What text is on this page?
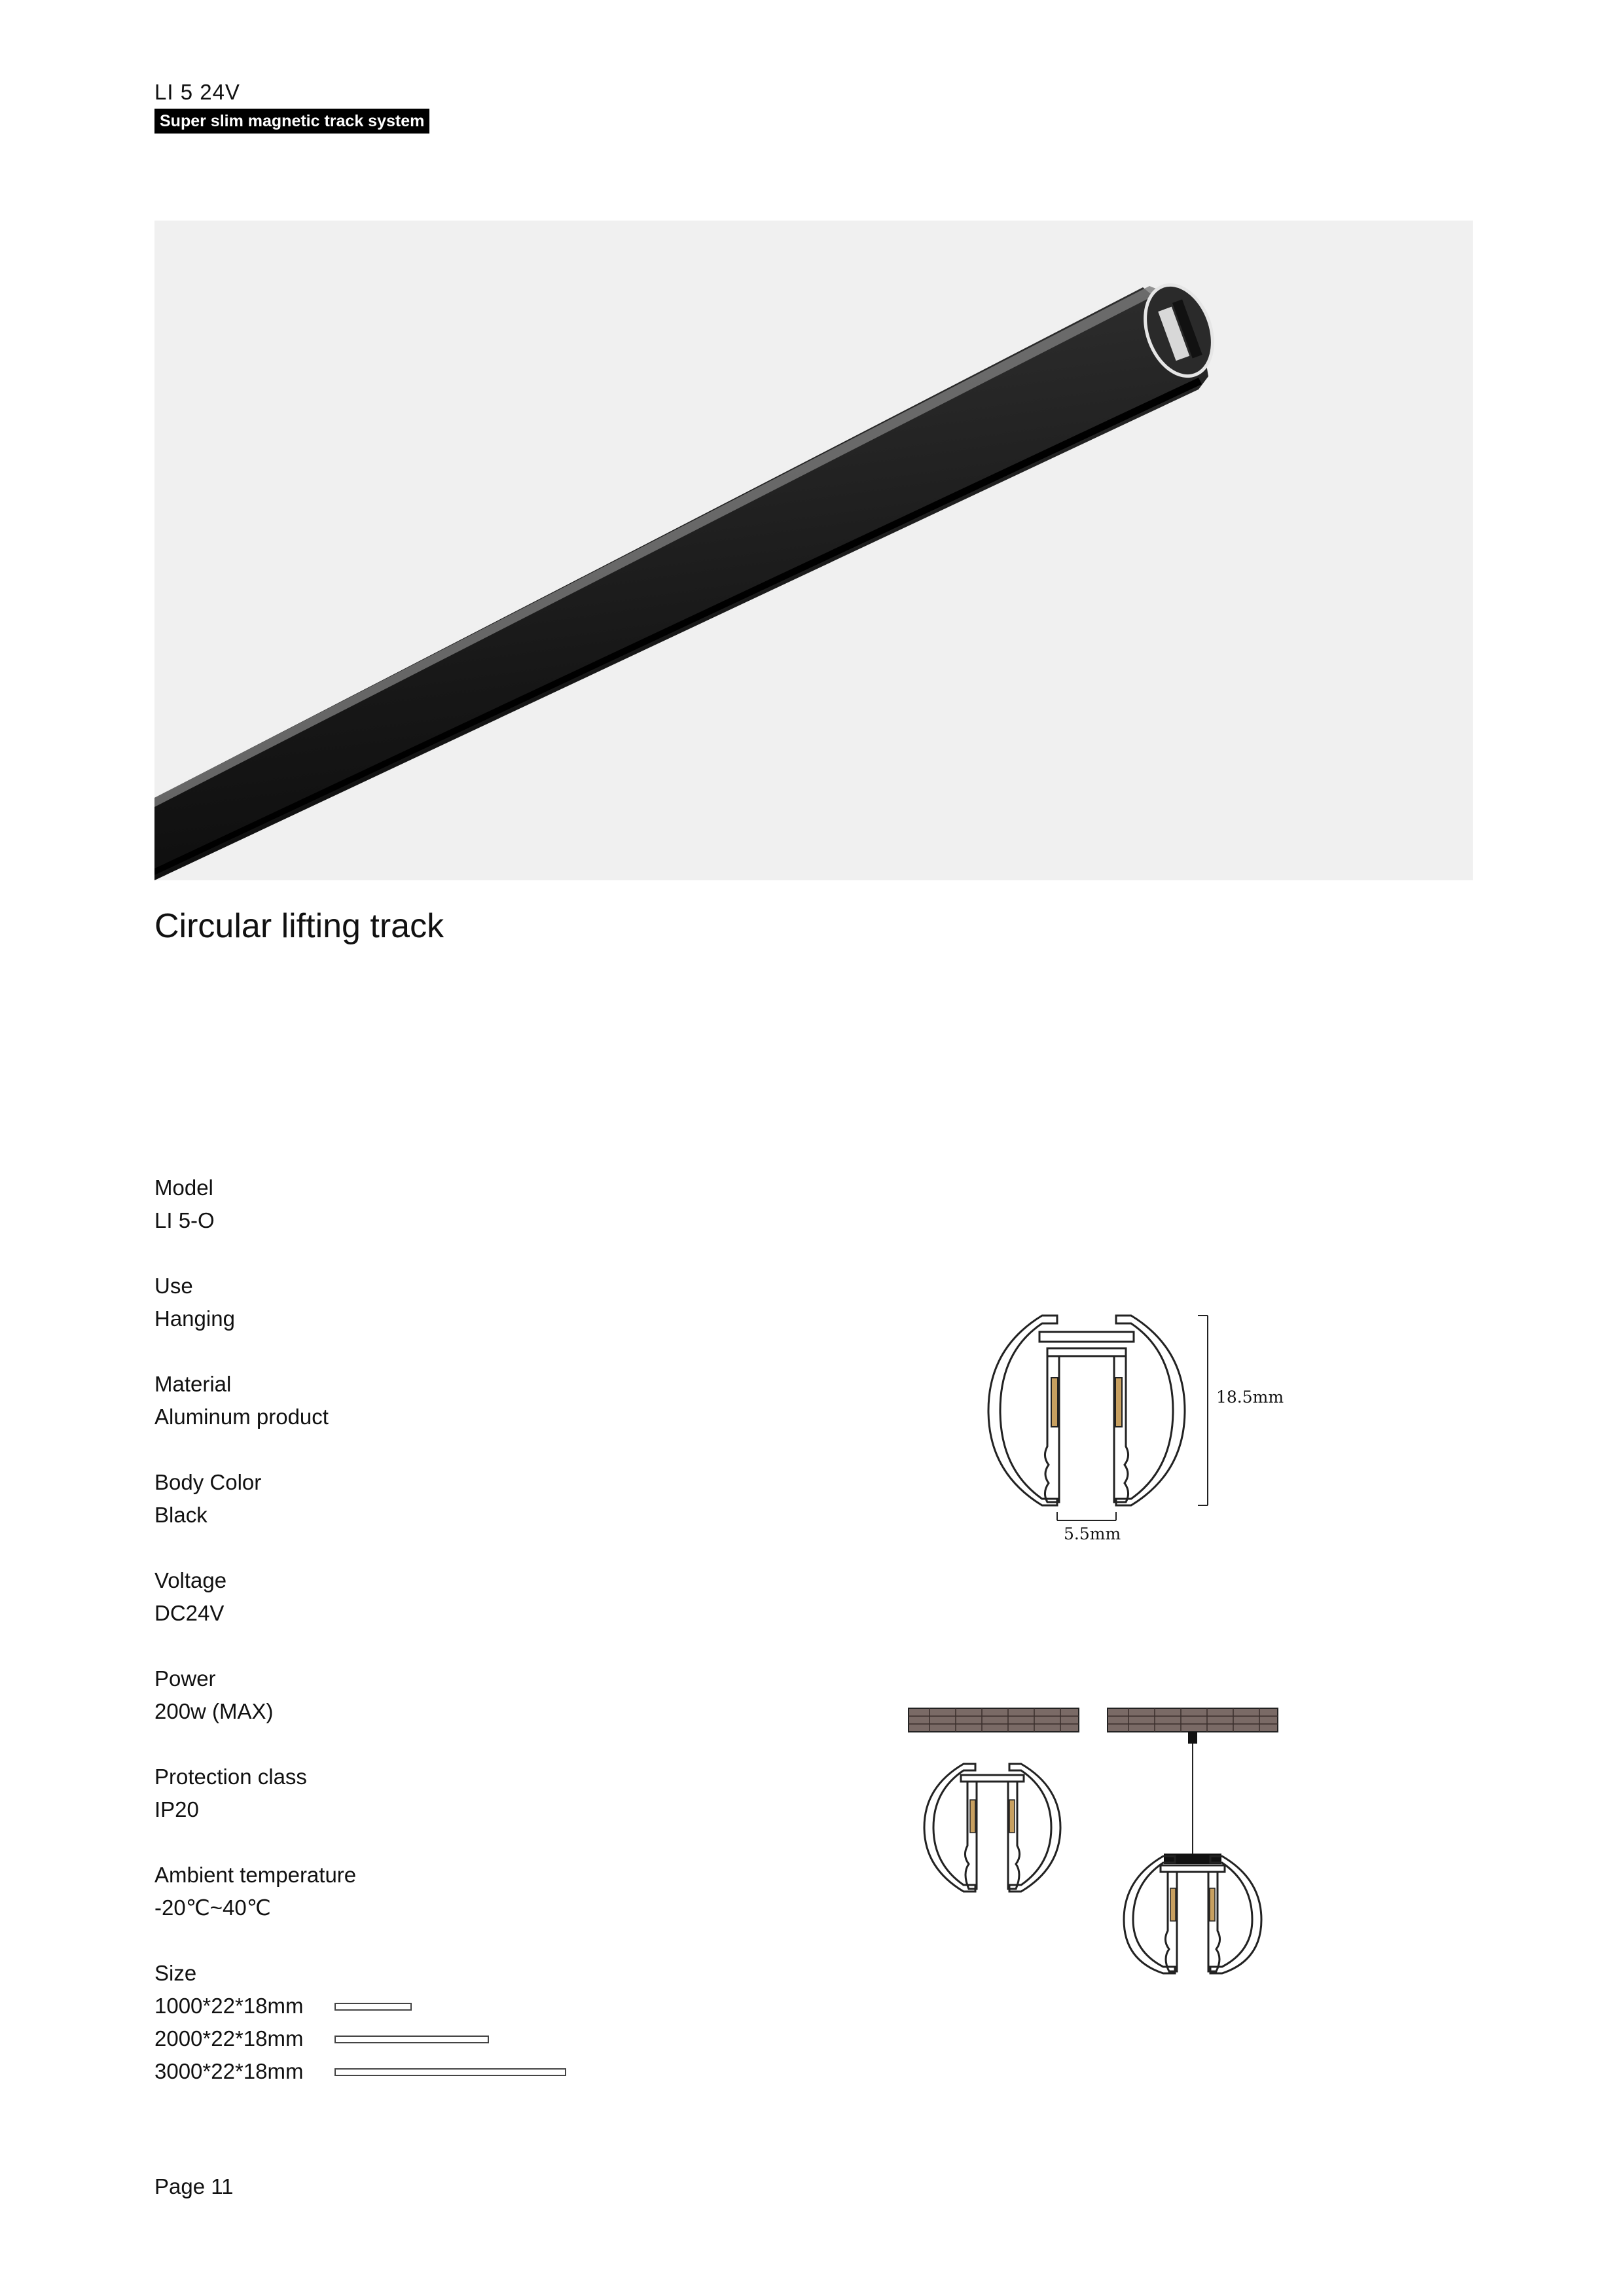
LI 5 24V
Super slim magnetic track system
Circular lifting track
Model
LI 5-O
Use
Hanging
Material
Aluminum product
Body Color
Black
Voltage
DC24V
Power
200w (MAX)
Protection class
IP20
Ambient temperature
-20℃~40℃
Size
1000*22*18mm
2000*22*18mm
3000*22*18mm
18.5mm
5.5mm
Page 11
